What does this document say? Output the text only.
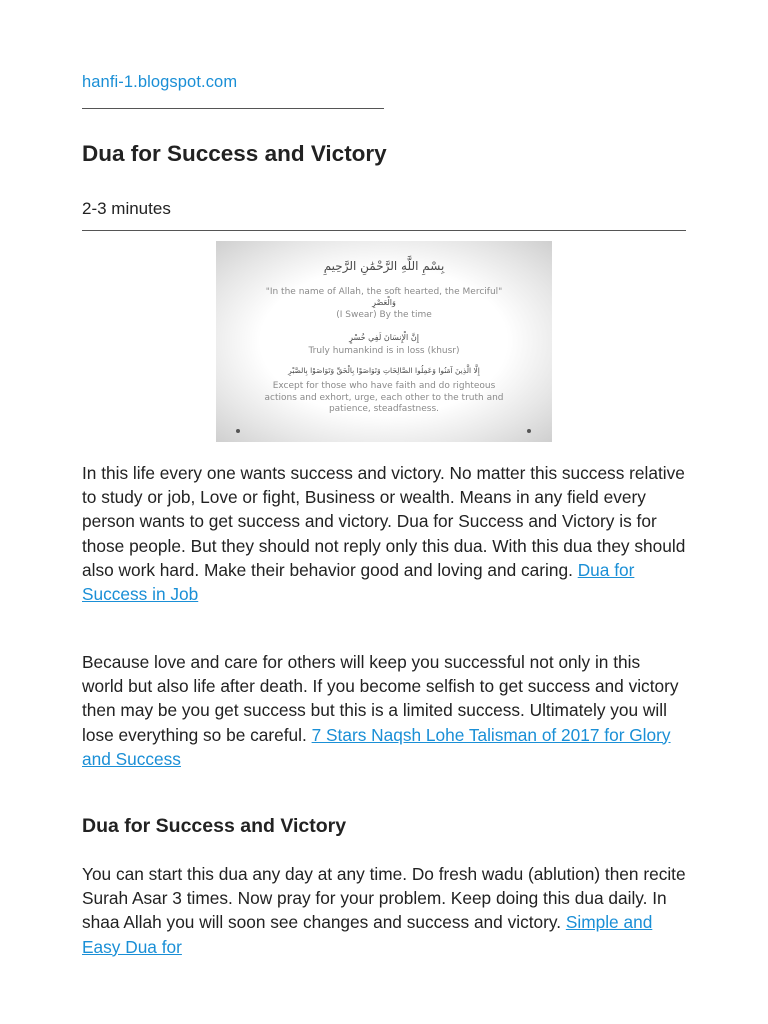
hanfi-1.blogspot.com
Dua for Success and Victory
2-3 minutes
بِسْمِ اللَّهِ الرَّحْمَٰنِ الرَّحِيمِ
"In the name of Allah, the soft hearted, the Merciful"
وَالْعَصْرِ
(I Swear) By the time
إِنَّ الْإِنسَانَ لَفِي خُسْرٍ
Truly humankind is in loss (khusr)
إِلَّا الَّذِينَ آمَنُوا وَعَمِلُوا الصَّالِحَاتِ وَتَوَاصَوْا بِالْحَقِّ وَتَوَاصَوْا بِالصَّبْرِ
Except for those who have faith and do righteous
actions and exhort, urge, each other to the truth and
patience, steadfastness.

In this life every one wants success and victory. No matter this success relative to study or job, Love or fight, Business or wealth. Means in any field every person wants to get success and victory. Dua for Success and Victory is for those people. But they should not reply only this dua. With this dua they should also work hard. Make their behavior good and loving and caring. Dua for Success in Job

Because love and care for others will keep you successful not only in this world but also life after death. If you become selfish to get success and victory then may be you get success but this is a limited success. Ultimately you will lose everything so be careful. 7 Stars Naqsh Lohe Talisman of 2017 for Glory and Success

Dua for Success and Victory

You can start this dua any day at any time. Do fresh wadu (ablution) then recite Surah Asar 3 times. Now pray for your problem. Keep doing this dua daily. In shaa Allah you will soon see changes and success and victory. Simple and Easy Dua for
